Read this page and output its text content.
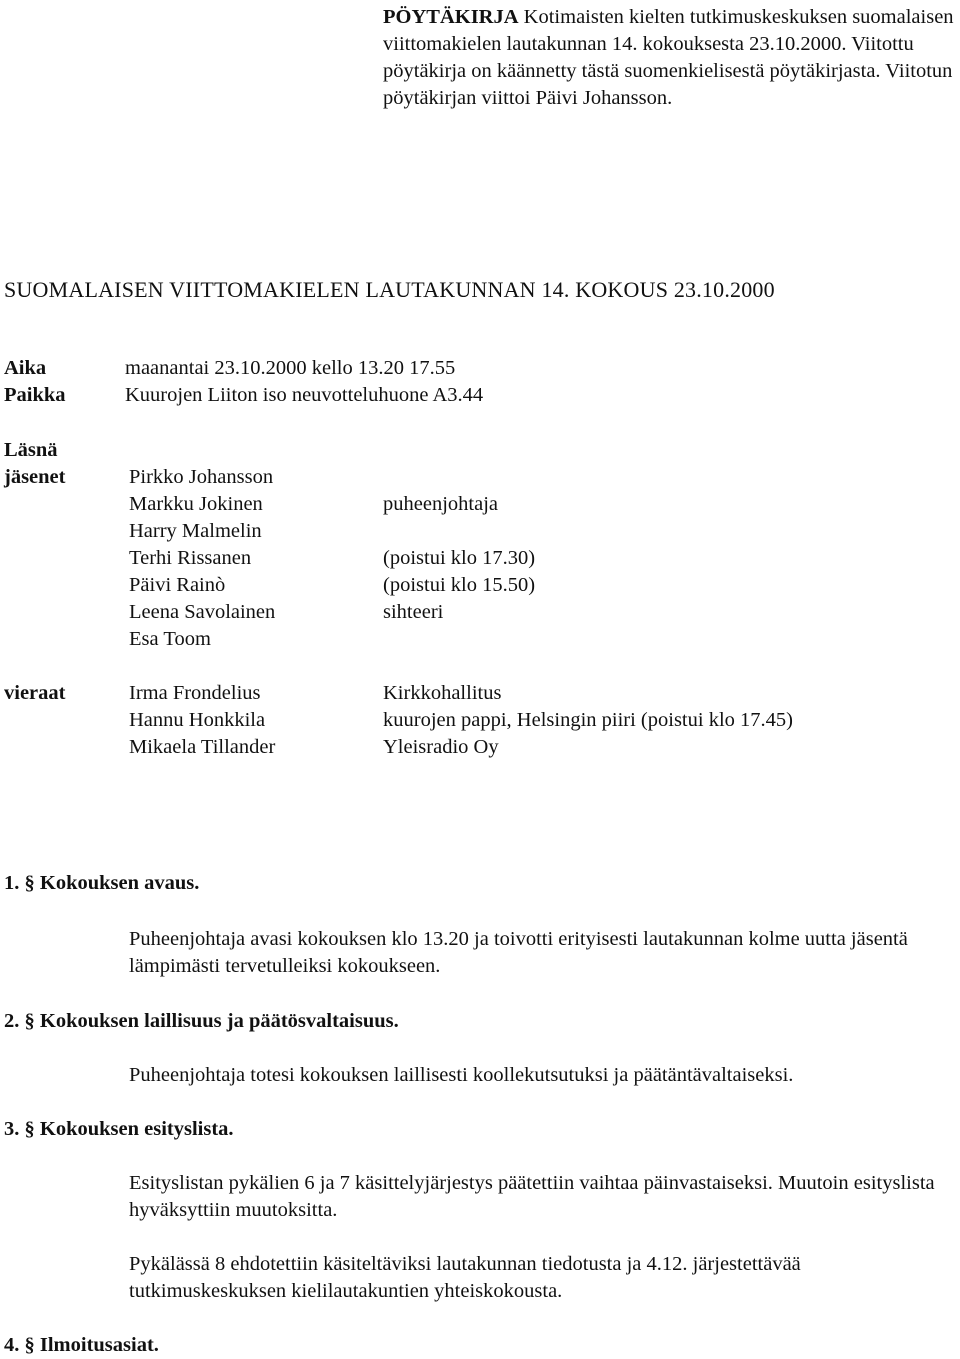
PÖYTÄKIRJA Kotimaisten kielten tutkimuskeskuksen suomalaisen viittomakielen lautakunnan 14. kokouksesta 23.10.2000. Viitottu pöytäkirja on käännetty tästä suomenkielisestä pöytäkirjasta. Viitotun pöytäkirjan viittoi Päivi Johansson.
SUOMALAISEN VIITTOMAKIELEN LAUTAKUNNAN 14. KOKOUS 23.10.2000
Aika	maanantai 23.10.2000 kello 13.20 17.55
Paikka	Kuurojen Liiton iso neuvotteluhuone A3.44
Läsnä
jäsenet	Pirkko Johansson
Markku Jokinen	puheenjohtaja
Harry Malmelin
Terhi Rissanen	(poistui klo 17.30)
Päivi Rainò	(poistui klo 15.50)
Leena Savolainen	sihteeri
Esa Toom
vieraat	Irma Frondelius	Kirkkohallitus
Hannu Honkkila	kuurojen pappi, Helsingin piiri (poistui klo 17.45)
Mikaela Tillander	Yleisradio Oy
1. § Kokouksen avaus.
Puheenjohtaja avasi kokouksen klo 13.20 ja toivotti erityisesti lautakunnan kolme uutta jäsentä lämpimästi tervetulleiksi kokoukseen.
2. § Kokouksen laillisuus ja päätösvaltaisuus.
Puheenjohtaja totesi kokouksen laillisesti koollekutsutuksi ja päätäntävaltaiseksi.
3. § Kokouksen esityslista.
Esityslistan pykälien 6 ja 7 käsittelyjärjestys päätettiin vaihtaa päinvastaiseksi. Muutoin esityslista hyväksyttiin muutoksitta.
Pykälässä 8 ehdotettiin käsiteltäviksi lautakunnan tiedotusta ja 4.12. järjestettävää tutkimuskeskuksen kielilautakuntien yhteiskokousta.
4. § Ilmoitusasiat.
